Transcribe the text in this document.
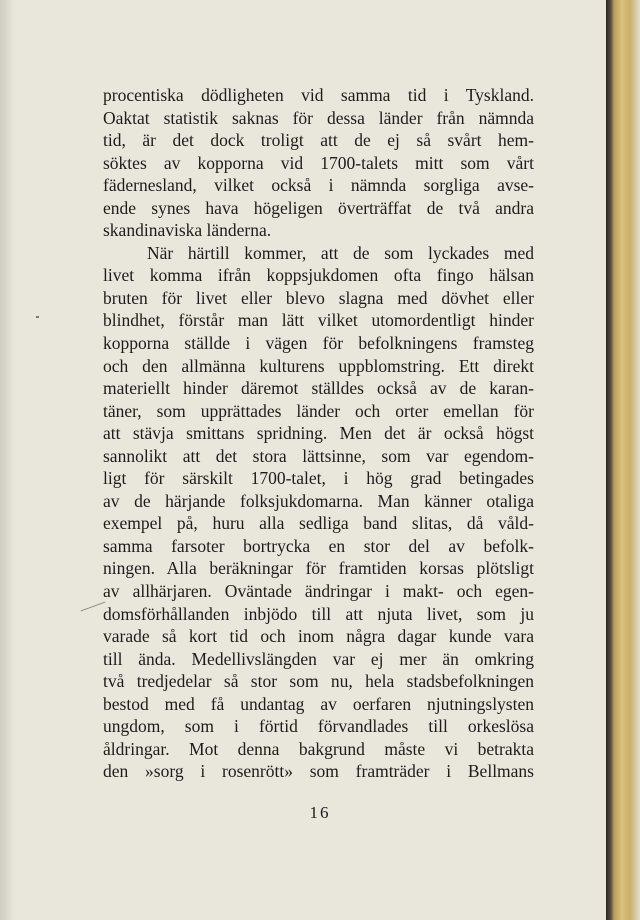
procentiska dödligheten vid samma tid i Tyskland.
Oaktat statistik saknas för dessa länder från nämnda
tid, är det dock troligt att de ej så svårt hem-
söktes av kopporna vid 1700-talets mitt som vårt
fädernesland, vilket också i nämnda sorgliga avse-
ende synes hava högeligen överträffat de två andra
skandinaviska länderna.
När härtill kommer, att de som lyckades med
livet komma ifrån koppsjukdomen ofta fingo hälsan
bruten för livet eller blevo slagna med dövhet eller
blindhet, förstår man lätt vilket utomordentligt hinder
kopporna ställde i vägen för befolkningens framsteg
och den allmänna kulturens uppblomstring. Ett direkt
materiellt hinder däremot ställdes också av de karan-
täner, som upprättades länder och orter emellan för
att stävja smittans spridning. Men det är också högst
sannolikt att det stora lättsinne, som var egendom-
ligt för särskilt 1700-talet, i hög grad betingades
av de härjande folksjukdomarna. Man känner otaliga
exempel på, huru alla sedliga band slitas, då våld-
samma farsoter bortrycka en stor del av befolk-
ningen. Alla beräkningar för framtiden korsas plötsligt
av allhärjaren. Oväntade ändringar i makt- och egen-
domsförhållanden inbjödo till att njuta livet, som ju
varade så kort tid och inom några dagar kunde vara
till ända. Medellivslängden var ej mer än omkring
två tredjedelar så stor som nu, hela stadsbefolkningen
bestod med få undantag av oerfaren njutningslysten
ungdom, som i förtid förvandlades till orkeslösa
åldringar. Mot denna bakgrund måste vi betrakta
den »sorg i rosenrött» som framträder i Bellmans
16
